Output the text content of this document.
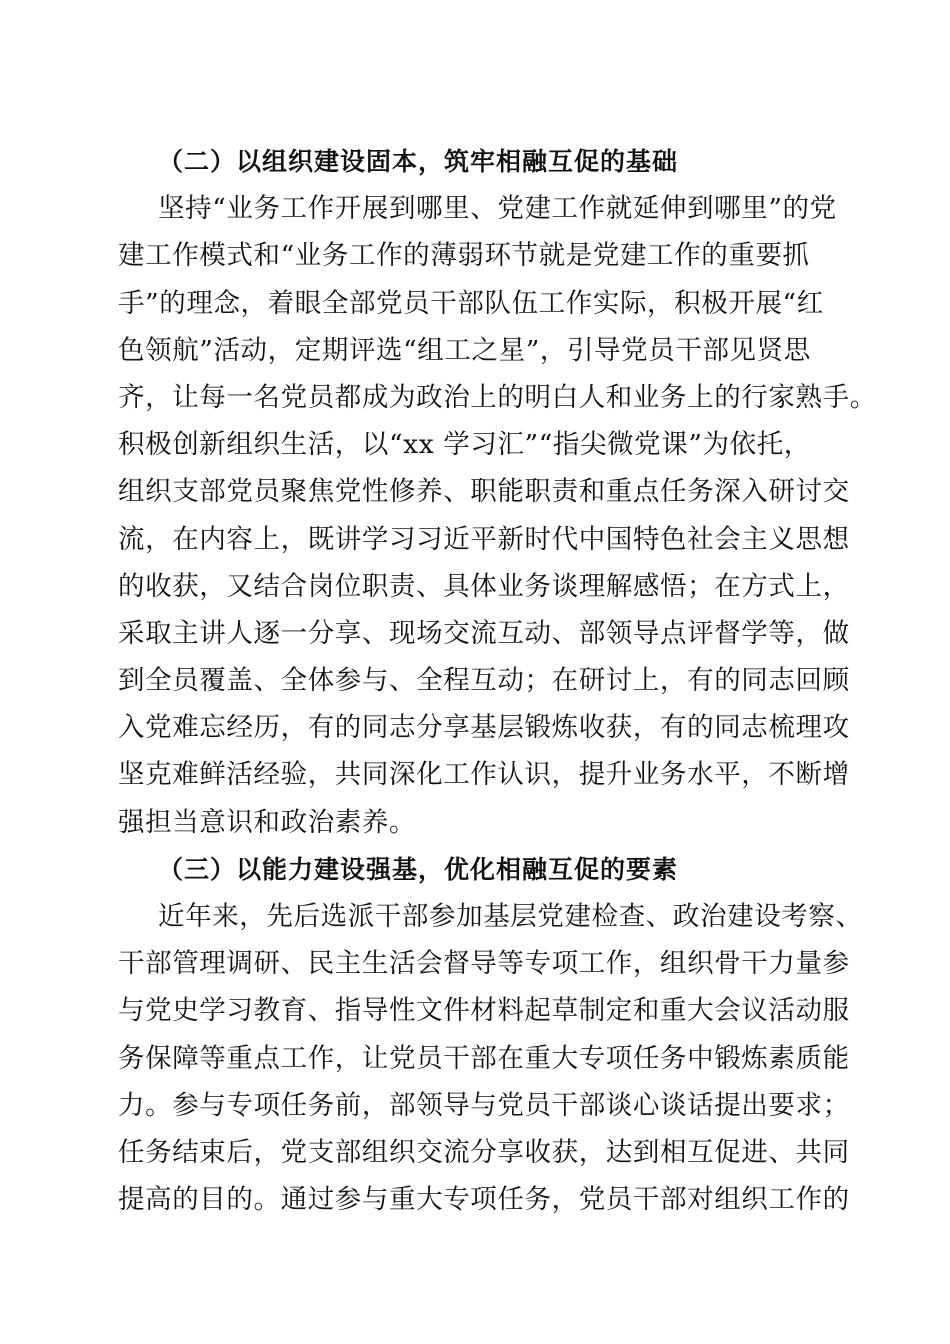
（二）以组织建设固本，筑牢相融互促的基础
坚持“业务工作开展到哪里、党建工作就延伸到哪里”的党
建工作模式和“业务工作的薄弱环节就是党建工作的重要抓
手”的理念，着眼全部党员干部队伍工作实际，积极开展“红
色领航”活动，定期评选“组工之星”，引导党员干部见贤思
齐，让每一名党员都成为政治上的明白人和业务上的行家熟手。
积极创新组织生活，以“xx 学习汇”“指尖微党课”为依托，
组织支部党员聚焦党性修养、职能职责和重点任务深入研讨交
流，在内容上，既讲学习习近平新时代中国特色社会主义思想
的收获，又结合岗位职责、具体业务谈理解感悟；在方式上，
采取主讲人逐一分享、现场交流互动、部领导点评督学等，做
到全员覆盖、全体参与、全程互动；在研讨上，有的同志回顾
入党难忘经历，有的同志分享基层锻炼收获，有的同志梳理攻
坚克难鲜活经验，共同深化工作认识，提升业务水平，不断增
强担当意识和政治素养。
（三）以能力建设强基，优化相融互促的要素
近年来，先后选派干部参加基层党建检查、政治建设考察、
干部管理调研、民主生活会督导等专项工作，组织骨干力量参
与党史学习教育、指导性文件材料起草制定和重大会议活动服
务保障等重点工作，让党员干部在重大专项任务中锻炼素质能
力。参与专项任务前，部领导与党员干部谈心谈话提出要求；
任务结束后，党支部组织交流分享收获，达到相互促进、共同
提高的目的。通过参与重大专项任务，党员干部对组织工作的
